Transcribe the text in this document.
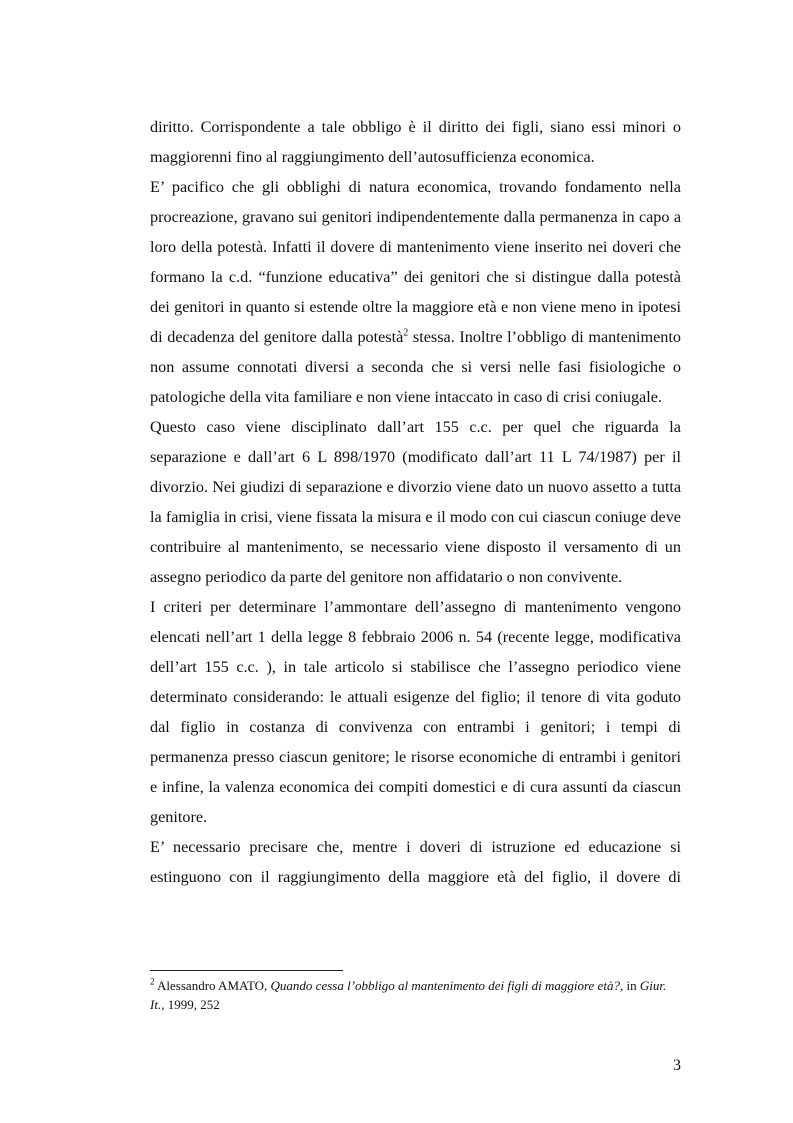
diritto. Corrispondente a tale obbligo è il diritto dei figli, siano essi minori o maggiorenni fino al raggiungimento dell’autosufficienza economica.

E’ pacifico che gli obblighi di natura economica, trovando fondamento nella procreazione, gravano sui genitori indipendentemente dalla permanenza in capo a loro della potestà. Infatti il dovere di mantenimento viene inserito nei doveri che formano la c.d. “funzione educativa” dei genitori che si distingue dalla potestà dei genitori in quanto si estende oltre la maggiore età e non viene meno in ipotesi di decadenza del genitore dalla potestà$^2$ stessa. Inoltre l’obbligo di mantenimento non assume connotati diversi a seconda che si versi nelle fasi fisiologiche o patologiche della vita familiare e non viene intaccato in caso di crisi coniugale.

Questo caso viene disciplinato dall’art 155 c.c. per quel che riguarda la separazione e dall’art 6 L 898/1970 (modificato dall’art 11 L 74/1987) per il divorzio. Nei giudizi di separazione e divorzio viene dato un nuovo assetto a tutta la famiglia in crisi, viene fissata la misura e il modo con cui ciascun coniuge deve contribuire al mantenimento, se necessario viene disposto il versamento di un assegno periodico da parte del genitore non affidatario o non convivente.

I criteri per determinare l’ammontare dell’assegno di mantenimento vengono elencati nell’art 1 della legge 8 febbraio 2006 n. 54 (recente legge, modificativa dell’art 155 c.c. ), in tale articolo si stabilisce che l’assegno periodico viene determinato considerando: le attuali esigenze del figlio; il tenore di vita goduto dal figlio in costanza di convivenza con entrambi i genitori; i tempi di permanenza presso ciascun genitore; le risorse economiche di entrambi i genitori e infine, la valenza economica dei compiti domestici e di cura assunti da ciascun genitore.

E’ necessario precisare che, mentre i doveri di istruzione ed educazione si estinguono con il raggiungimento della maggiore età del figlio, il dovere di

$^2$ Alessandro AMATO, Quando cessa l’obbligo al mantenimento dei figli di maggiore età?, in Giur. It., 1999, 252
3
